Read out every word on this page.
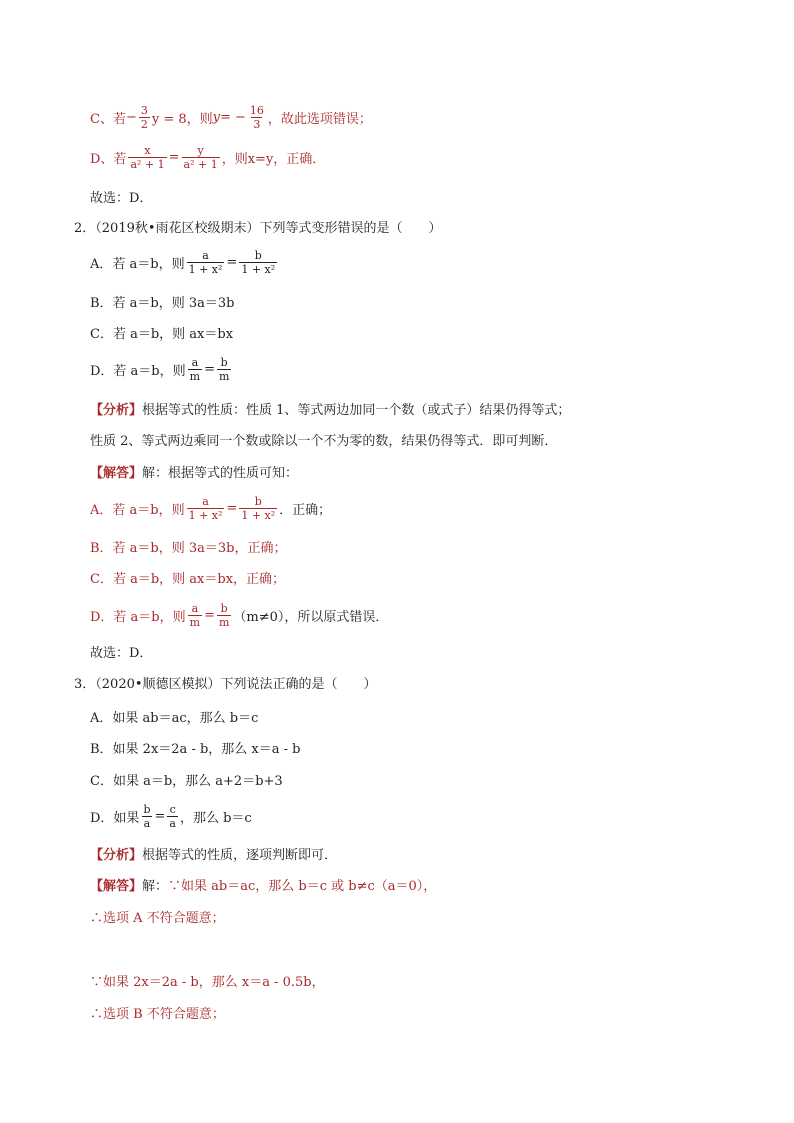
C、若 − $\frac{3}{2}$ y = 8，则 y = − $\frac{16}{3}$ ，故此选项错误；
D、若 $\frac{x}{\text{a² + 1}} = \frac{y}{\text{a² + 1}}$ ，则x=y，正确．
故选：D．
2．（2019秋•雨花区校级期末）下列等式变形错误的是（　　）
A．若 a＝b，则 $\frac{a}{\text{1 + x²}} = \frac{b}{\text{1 + x²}}$
B．若 a＝b，则 3a＝3b
C．若 a＝b，则 ax＝bx
D．若 a＝b，则 $\frac{a}{m} = \frac{b}{m}$
【分析】 根据等式的性质：性质 1、等式两边加同一个数（或式子）结果仍得等式；
性质 2、等式两边乘同一个数或除以一个不为零的数，结果仍得等式．即可判断．
【解答】 解：根据等式的性质可知：
A．若 a＝b，则 $\frac{a}{\text{1 + x²}} = \frac{b}{\text{1 + x²}}$ ．正确；
B．若 a＝b，则 3a＝3b，正确；
C．若 a＝b，则 ax＝bx，正确；
D．若 a＝b，则 $\frac{a}{m} = \frac{b}{m} (m\ne 0)$，所以原式错误．
故选：D．
3．（2020•顺德区模拟）下列说法正确的是（　　）
A．如果 ab＝ac，那么 b＝c
B．如果 2x＝2a - b，那么 x＝a - b
C．如果 a＝b，那么 a+2＝b+3
D．如果 $\frac{b}{a} = \frac{c}{a}$ ，那么 b＝c
【分析】 根据等式的性质，逐项判断即可．
【解答】 解： ∵如果 ab＝ac，那么 b＝c 或 b≠c（a＝0），
∴选项 A 不符合题意；
∵如果 2x＝2a - b，那么 x＝a - 0.5b，
∴选项 B 不符合题意；
